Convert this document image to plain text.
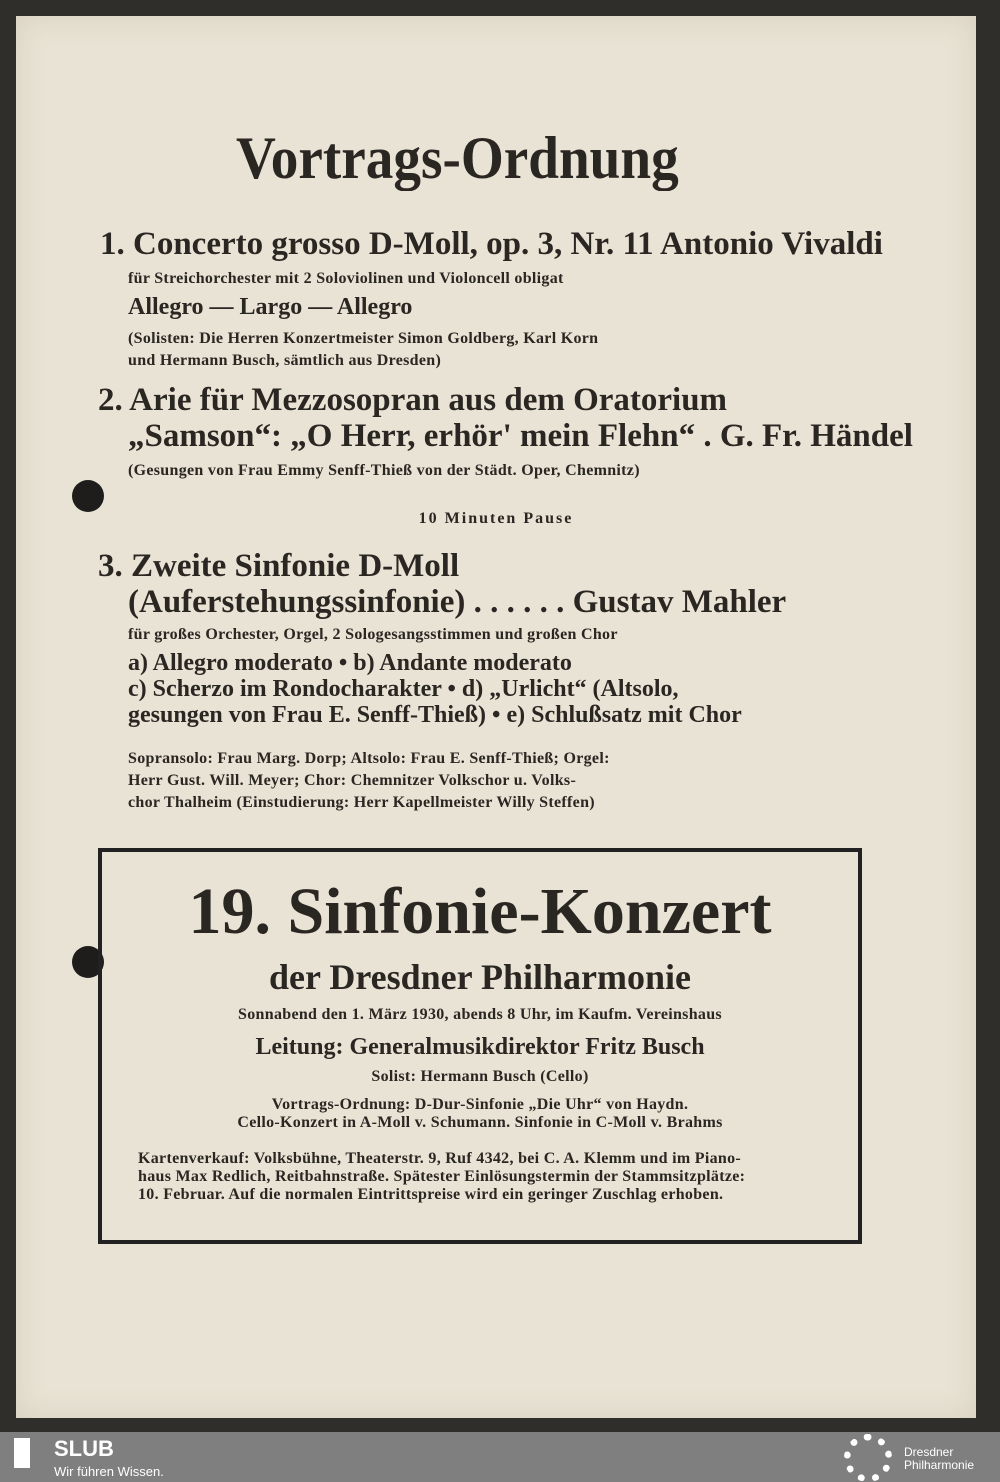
Vortrags-Ordnung
1. Concerto grosso D-Moll, op. 3, Nr. 11 Antonio Vivaldi
für Streichorchester mit 2 Soloviolinen und Violoncell obligat
Allegro — Largo — Allegro
(Solisten: Die Herren Konzertmeister Simon Goldberg, Karl Korn
und Hermann Busch, sämtlich aus Dresden)
2. Arie für Mezzosopran aus dem Oratorium
„Samson“: „O Herr, erhör' mein Flehn“ . G. Fr. Händel
(Gesungen von Frau Emmy Senff-Thieß von der Städt. Oper, Chemnitz)
10 Minuten Pause
3. Zweite Sinfonie D-Moll
(Auferstehungssinfonie) . . . . . . Gustav Mahler
für großes Orchester, Orgel, 2 Sologesangsstimmen und großen Chor
a) Allegro moderato • b) Andante moderato
c) Scherzo im Rondocharakter • d) „Urlicht“ (Altsolo,
gesungen von Frau E. Senff-Thieß) • e) Schlußsatz mit Chor
Sopransolo: Frau Marg. Dorp; Altsolo: Frau E. Senff-Thieß; Orgel:
Herr Gust. Will. Meyer; Chor: Chemnitzer Volkschor u. Volks-
chor Thalheim (Einstudierung: Herr Kapellmeister Willy Steffen)
19. Sinfonie-Konzert
der Dresdner Philharmonie
Sonnabend den 1. März 1930, abends 8 Uhr, im Kaufm. Vereinshaus
Leitung: Generalmusikdirektor Fritz Busch
Solist: Hermann Busch (Cello)
Vortrags-Ordnung: D-Dur-Sinfonie „Die Uhr“ von Haydn.
Cello-Konzert in A-Moll v. Schumann. Sinfonie in C-Moll v. Brahms
Kartenverkauf: Volksbühne, Theaterstr. 9, Ruf 4342, bei C. A. Klemm und im Piano-
haus Max Redlich, Reitbahnstraße. Spätester Einlösungstermin der Stammsitzplätze:
10. Februar. Auf die normalen Eintrittspreise wird ein geringer Zuschlag erhoben.
SLUB
Wir führen Wissen.
Dresdner
Philharmonie
